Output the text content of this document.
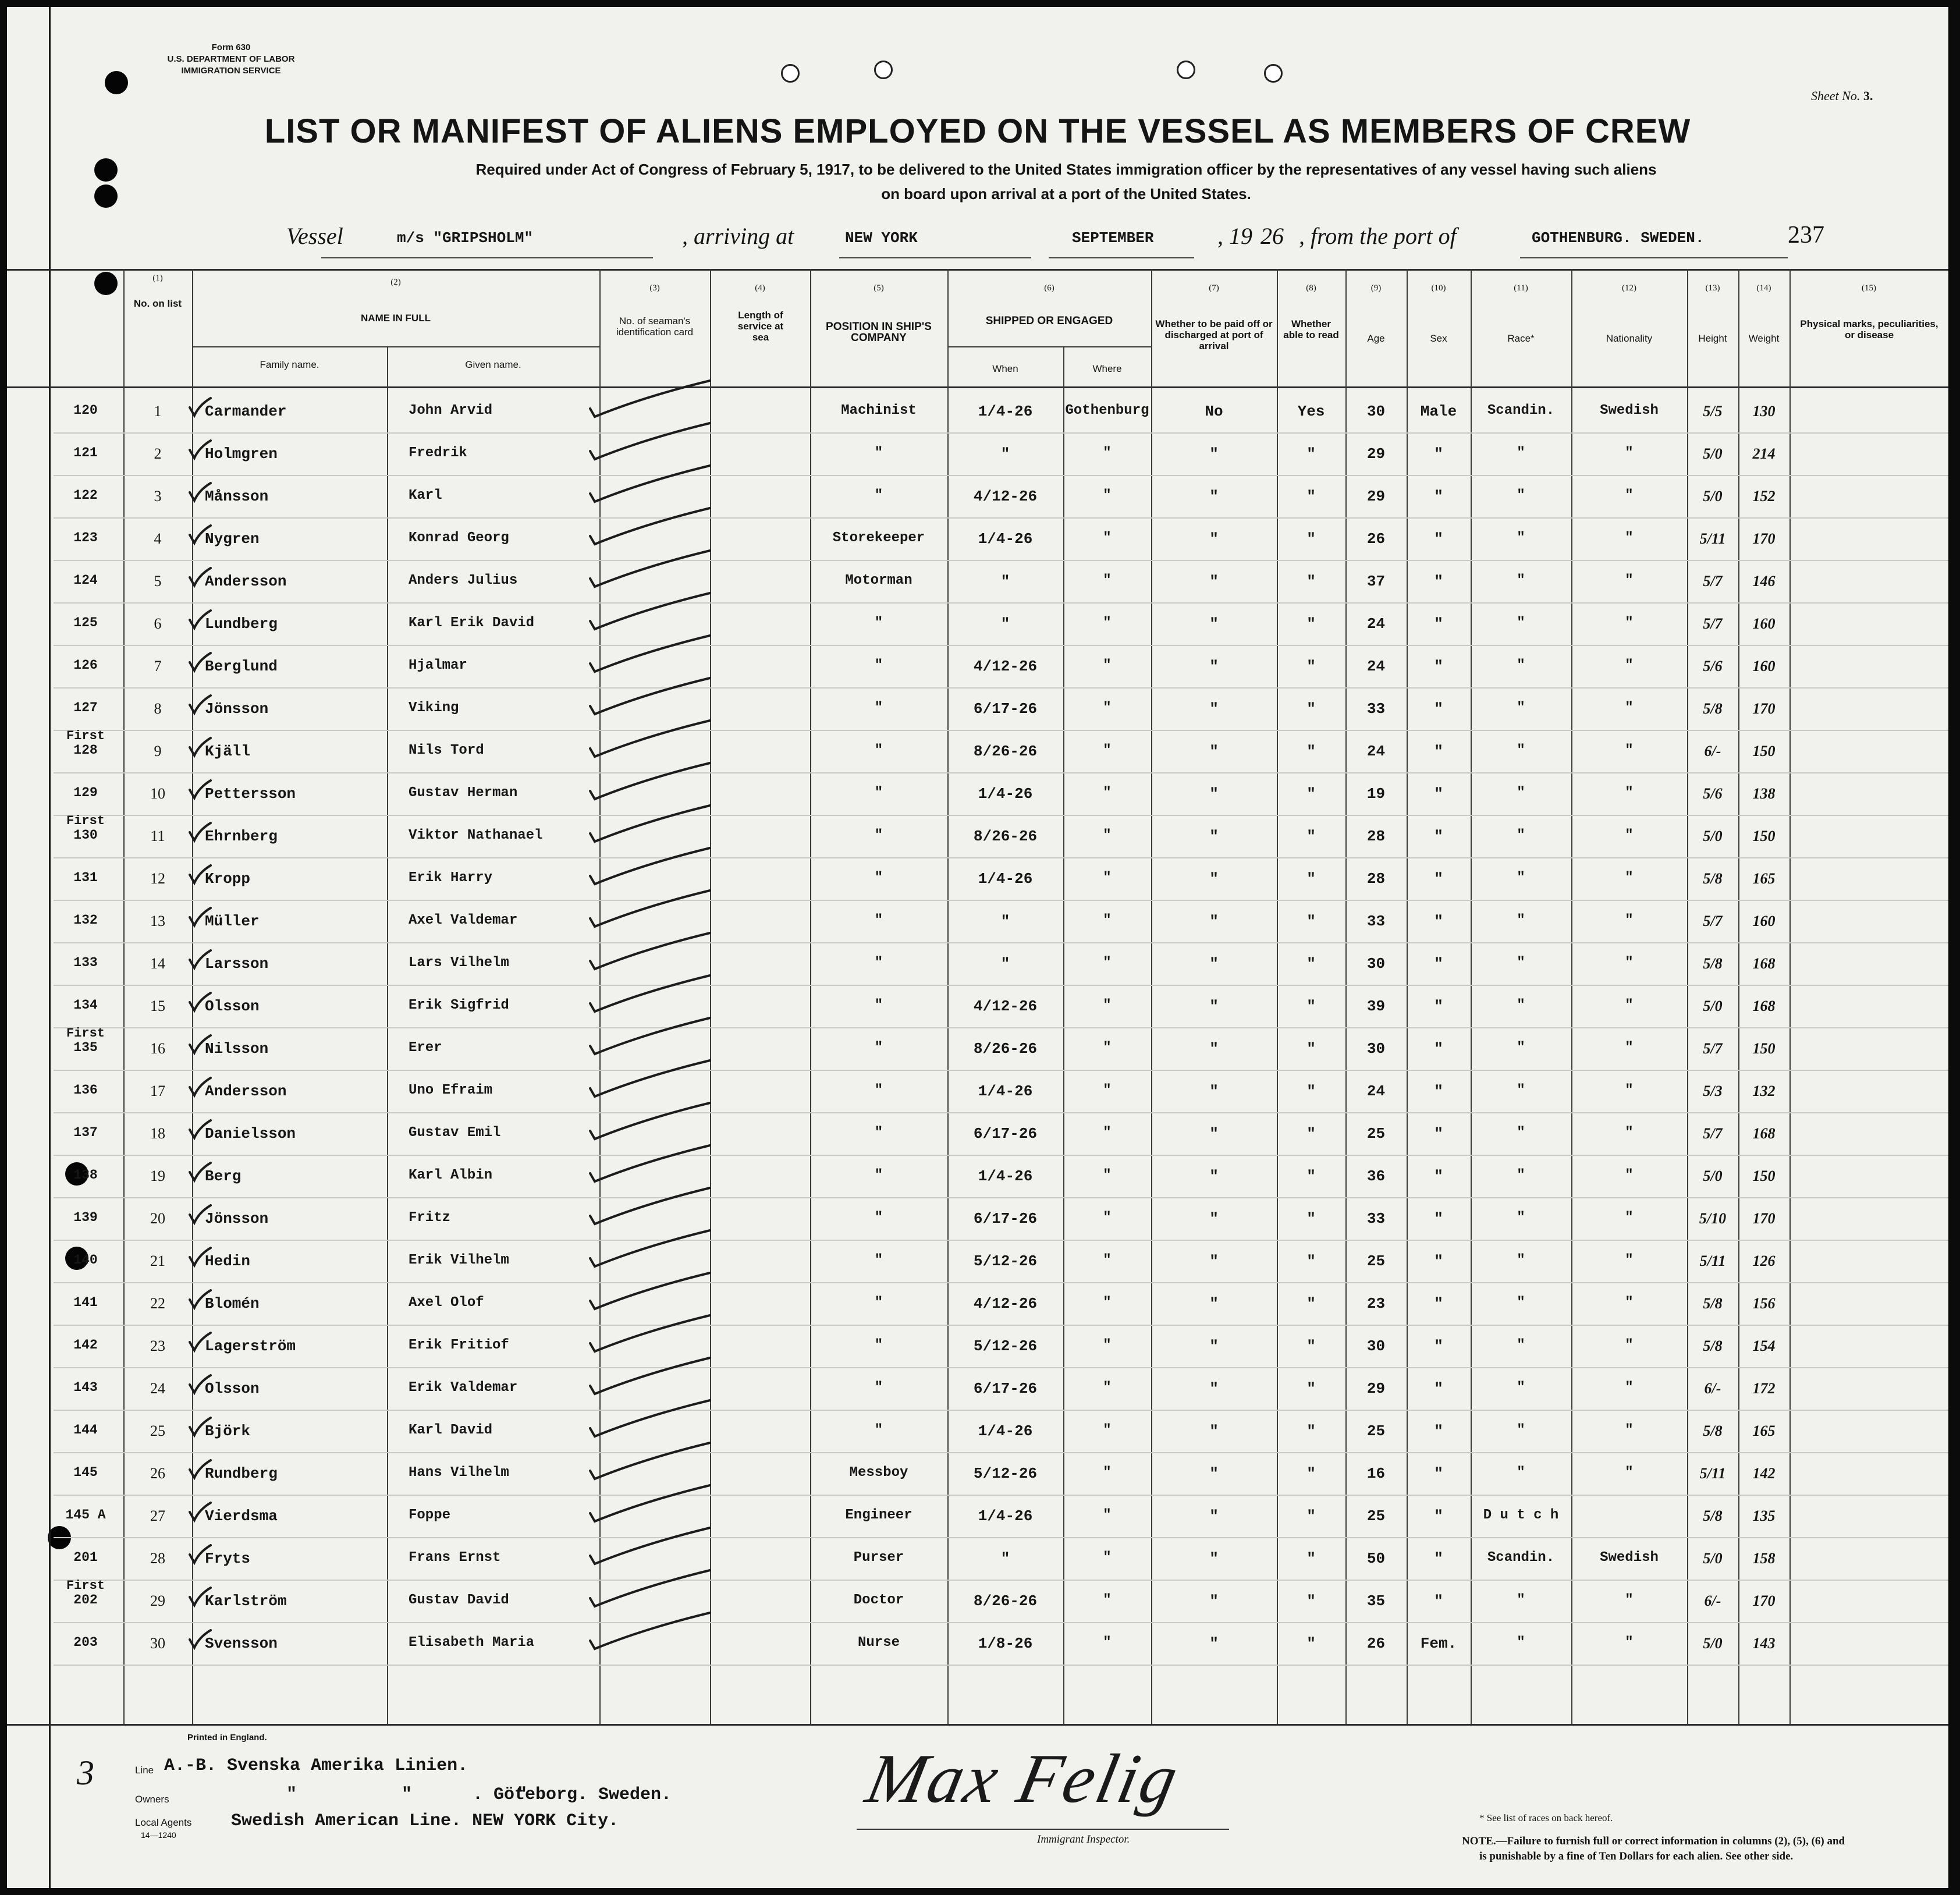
Form 630
U.S. DEPARTMENT OF LABOR
IMMIGRATION SERVICE
Sheet No. 3.
LIST OR MANIFEST OF ALIENS EMPLOYED ON THE VESSEL AS MEMBERS OF CREW
Required under Act of Congress of February 5, 1917, to be delivered to the United States immigration officer by the representatives of any vessel having such aliens
on board upon arrival at a port of the United States.
Vessel	m/s "GRIPSHOLM"	, arriving at	NEW YORK	SEPTEMBER	, 19 26 , from the port of	GOTHENBURG. SWEDEN.	237
(1)
No. on list
(2)
NAME IN FULL
Family name.	Given name.
(3)
No. of seaman's identification card
(4)
Length of service at sea
(5)
POSITION IN SHIP'S COMPANY
(6)
SHIPPED OR ENGAGED
When	Where
(7)
Whether to be paid off or discharged at port of arrival
(8)
Whether able to read
(9)
Age
(10)
Sex
(11)
Race*
(12)
Nationality
(13)
Height
(14)
Weight
(15)
Physical marks, peculiarities, or disease
120	1	Carmander	John Arvid	Machinist	1/4-26	Gothenburg	No	Yes	30	Male	Scandin.	Swedish	5/5	130
121	2	Holmgren	Fredrik	"	"	"	"	"	29	"	"	"	5/0	214
122	3	Månsson	Karl	"	4/12-26	"	"	"	29	"	"	"	5/0	152
123	4	Nygren	Konrad Georg	Storekeeper	1/4-26	"	"	"	26	"	"	"	5/11	170
124	5	Andersson	Anders Julius	Motorman	"	"	"	"	37	"	"	"	5/7	146
125	6	Lundberg	Karl Erik David	"	"	"	"	"	24	"	"	"	5/7	160
126	7	Berglund	Hjalmar	"	4/12-26	"	"	"	24	"	"	"	5/6	160
127	8	Jönsson	Viking	"	6/17-26	"	"	"	33	"	"	"	5/8	170
128	9	Kjäll	Nils Tord	"	8/26-26	"	"	"	24	"	"	"	6/-	150
First
129	10	Pettersson	Gustav Herman	"	1/4-26	"	"	"	19	"	"	"	5/6	138
130	11	Ehrnberg	Viktor Nathanael	"	8/26-26	"	"	"	28	"	"	"	5/0	150
First
131	12	Kropp	Erik Harry	"	1/4-26	"	"	"	28	"	"	"	5/8	165
132	13	Müller	Axel Valdemar	"	"	"	"	"	33	"	"	"	5/7	160
133	14	Larsson	Lars Vilhelm	"	"	"	"	"	30	"	"	"	5/8	168
134	15	Olsson	Erik Sigfrid	"	4/12-26	"	"	"	39	"	"	"	5/0	168
135	16	Nilsson	Erer	"	8/26-26	"	"	"	30	"	"	"	5/7	150
First
136	17	Andersson	Uno Efraim	"	1/4-26	"	"	"	24	"	"	"	5/3	132
137	18	Danielsson	Gustav Emil	"	6/17-26	"	"	"	25	"	"	"	5/7	168
138	19	Berg	Karl Albin	"	1/4-26	"	"	"	36	"	"	"	5/0	150
139	20	Jönsson	Fritz	"	6/17-26	"	"	"	33	"	"	"	5/10	170
140	21	Hedin	Erik Vilhelm	"	5/12-26	"	"	"	25	"	"	"	5/11	126
141	22	Blomén	Axel Olof	"	4/12-26	"	"	"	23	"	"	"	5/8	156
142	23	Lagerström	Erik Fritiof	"	5/12-26	"	"	"	30	"	"	"	5/8	154
143	24	Olsson	Erik Valdemar	"	6/17-26	"	"	"	29	"	"	"	6/-	172
144	25	Björk	Karl David	"	1/4-26	"	"	"	25	"	"	"	5/8	165
145	26	Rundberg	Hans Vilhelm	Messboy	5/12-26	"	"	"	16	"	"	"	5/11	142
145 A	27	Vierdsma	Foppe	Engineer	1/4-26	"	"	"	25	"	D u t c h	5/8	135
201	28	Fryts	Frans Ernst	Purser	"	"	"	"	50	"	Scandin.	Swedish	5/0	158
202	29	Karlström	Gustav David	Doctor	8/26-26	"	"	"	35	"	"	"	6/-	170
First
203	30	Svensson	Elisabeth Maria	Nurse	1/8-26	"	"	"	26	Fem.	"	"	5/0	143
Printed in England.
3	Line A.-B. Svenska Amerika Linien.
Owners	"          "          "
. Göteborg. Sweden.
Local Agents
14—1240
Swedish American Line. NEW YORK City.
Max Felig
Immigrant Inspector.
* See list of races on back hereof.
NOTE.—Failure to furnish full or correct information in columns (2), (5), (6) and
is punishable by a fine of Ten Dollars for each alien. See other side.
